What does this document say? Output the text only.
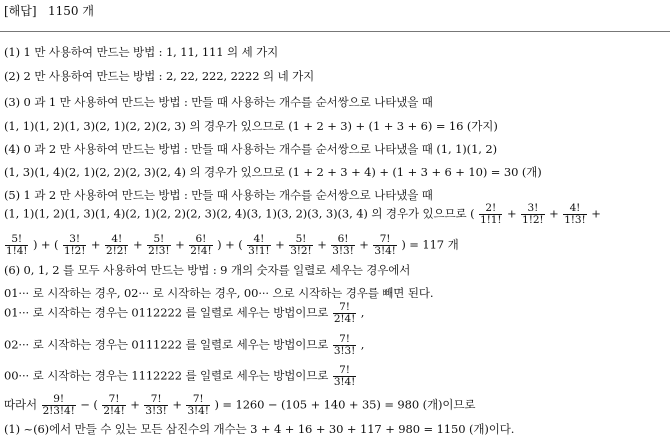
[해답] 1150 개
(1) 1 만 사용하여 만드는 방법 : 1, 11, 111 의 세 가지
(2) 2 만 사용하여 만드는 방법 : 2, 22, 222, 2222 의 네 가지
(3) 0 과 1 만 사용하여 만드는 방법 : 만들 때 사용하는 개수를 순서쌍으로 나타냈을 때
(1, 1)(1, 2)(1, 3)(2, 1)(2, 2)(2, 3) 의 경우가 있으므로 (1 + 2 + 3) + (1 + 3 + 6) = 16 (가지)
(4) 0 과 2 만 사용하여 만드는 방법 : 만들 때 사용하는 개수를 순서쌍으로 나타냈을 때 (1, 1)(1, 2)
(1, 3)(1, 4)(2, 1)(2, 2)(2, 3)(2, 4) 의 경우가 있으므로 (1 + 2 + 3 + 4) + (1 + 3 + 6 + 10) = 30 (개)
(5) 1 과 2 만 사용하여 만드는 방법 : 만들 때 사용하는 개수를 순서쌍으로 나타냈을 때
(1, 1)(1, 2)(1, 3)(1, 4)(2, 1)(2, 2)(2, 3)(2, 4)(3, 1)(3, 2)(3, 3)(3, 4) 의 경우가 있으므로 ( $\frac{2!}{1!1!} + \frac{3!}{1!2!} + \frac{4!}{1!3!}$ +
$\frac{5!}{1!4!}$ ) + ( $\frac{3!}{1!2!} + \frac{4!}{2!2!} + \frac{5!}{2!3!} + \frac{6!}{2!4!}$ ) + ( $\frac{4!}{3!1!} + \frac{5!}{3!2!} + \frac{6!}{3!3!} + \frac{7!}{3!4!}$ ) = 117 개
(6) 0, 1, 2 를 모두 사용하여 만드는 방법 : 9 개의 숫자를 일렬로 세우는 경우에서
01··· 로 시작하는 경우, 02··· 로 시작하는 경우, 00··· 으로 시작하는 경우를 빼면 된다.
01··· 로 시작하는 경우는 0112222 를 일렬로 세우는 방법이므로 $\frac{7!}{2!4!}$ ,
02··· 로 시작하는 경우는 0111222 를 일렬로 세우는 방법이므로 $\frac{7!}{3!3!}$ ,
00··· 로 시작하는 경우는 1112222 를 일렬로 세우는 방법이므로 $\frac{7!}{3!4!}$
따라서 $\frac{9!}{2!3!4!}$ − ( $\frac{7!}{2!4!} + \frac{7!}{3!3!} + \frac{7!}{3!4!}$ ) = 1260 − (105 + 140 + 35) = 980 (개)이므로
(1) ~(6)에서 만들 수 있는 모든 삼진수의 개수는 3 + 4 + 16 + 30 + 117 + 980 = 1150 (개)이다.
